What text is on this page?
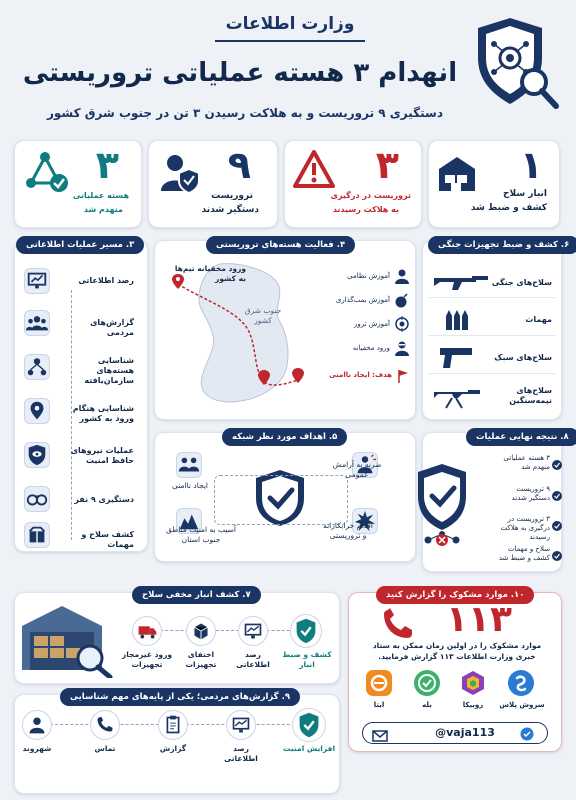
وزارت اطلاعات
انهدام ۳ هسته عملیاتی تروریستی
دستگیری ۹ تروریست و به هلاکت رسیدن ۳ تن در جنوب شرق کشور
۱
انبار سلاح
کشف و ضبط شد
۳
تروریست در درگیری
به هلاکت رسیدند
۹
تروریست
دستگیر شدند
۳
هسته عملیاتی
منهدم شد
۳. مسیر عملیات اطلاعاتی
رصد اطلاعاتی
گزارش‌های مردمی
شناسایی هسته‌های سازمان‌یافته
شناسایی هنگام ورود به کشور
عملیات نیروهای حافظ امنیت
دستگیری ۹ نفر
کشف سلاح و مهمات
۴. فعالیت هسته‌های تروریستی
ورود مخفیانه تیم‌ها به کشور
جنوب شرق کشور
آموزش نظامی
آموزش بمب‌گذاری
آموزش ترور
ورود مخفیانه
هدف: ایجاد ناامنی
۶. کشف و ضبط تجهیزات جنگی
سلاح‌های جنگی
مهمات
سلاح‌های سبک
سلاح‌های نیمه‌سنگین
۵. اهداف مورد نظر شبکه
ایجاد ناامنی
ضربه به آرامش عمومی
آسیب به امنیت مناطق جنوب استان
اقدام خرابکارانه و تروریستی
۸. نتیجه نهایی عملیات
۳ هسته عملیاتی منهدم شد
۹ تروریست دستگیر شدند
۳ تروریست در درگیری به هلاکت رسیدند
سلاح و مهمات کشف و ضبط شد
۷. کشف انبار مخفی سلاح
ورود غیرمجاز تجهیزات
اختفای تجهیزات
رصد اطلاعاتی
کشف و ضبط انبار
۱۰. موارد مشکوک را گزارش کنید
۱۱۳
موارد مشکوک را در اولین زمان ممکن به ستاد خبری وزارت اطلاعات ۱۱۳ گزارش فرمایید.
سروش پلاس
روبیکا
بله
ایتا
@vaja113
۹. گزارش‌های مردمی؛ یکی از پایه‌های مهم شناسایی
شهروند	تماس	گزارش	رصد اطلاعاتی
افزایش امنیت
